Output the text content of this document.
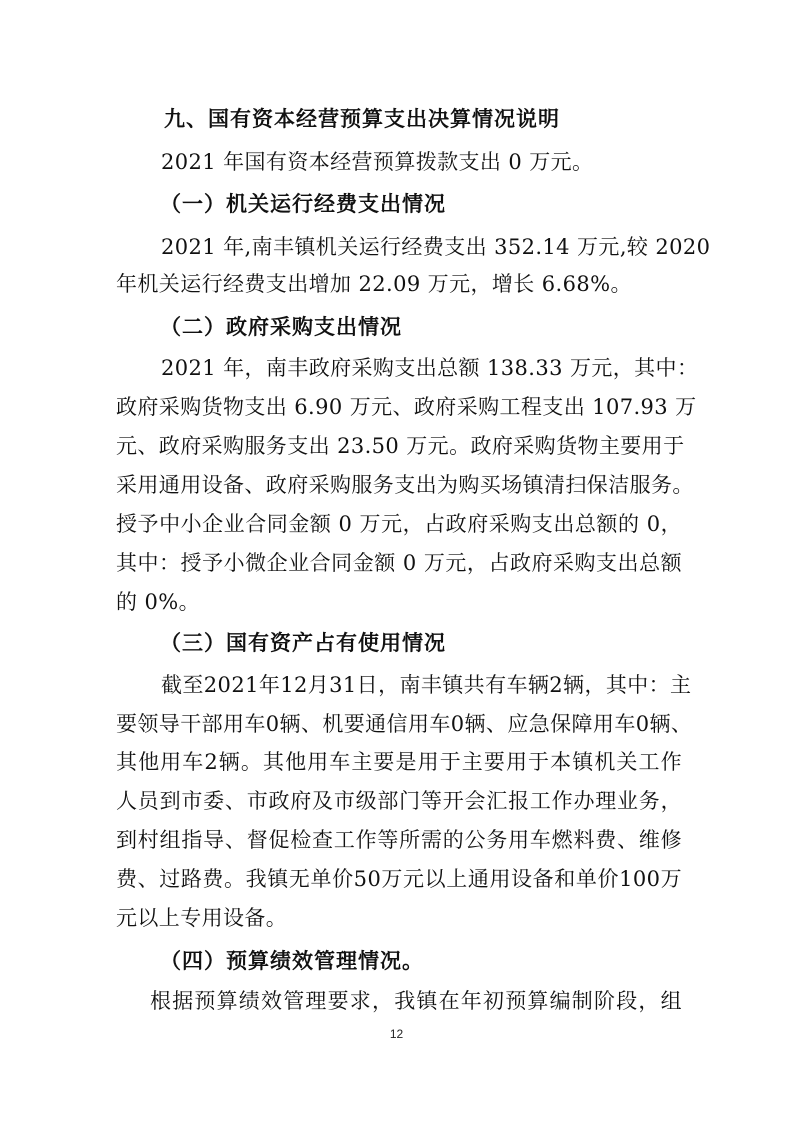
九、国有资本经营预算支出决算情况说明
2021 年国有资本经营预算拨款支出 0 万元。
（一）机关运行经费支出情况
2021 年,南丰镇机关运行经费支出 352.14 万元,较 2020
年机关运行经费支出增加 22.09 万元，增长 6.68%。
（二）政府采购支出情况
2021 年，南丰政府采购支出总额 138.33 万元，其中：
政府采购货物支出 6.90 万元、政府采购工程支出 107.93 万
元、政府采购服务支出 23.50 万元。政府采购货物主要用于
采用通用设备、政府采购服务支出为购买场镇清扫保洁服务。
授予中小企业合同金额 0 万元，占政府采购支出总额的 0，
其中：授予小微企业合同金额 0 万元，占政府采购支出总额
的 0%。
（三）国有资产占有使用情况
截至2021年12月31日，南丰镇共有车辆2辆，其中：主
要领导干部用车0辆、机要通信用车0辆、应急保障用车0辆、
其他用车2辆。其他用车主要是用于主要用于本镇机关工作
人员到市委、市政府及市级部门等开会汇报工作办理业务，
到村组指导、督促检查工作等所需的公务用车燃料费、维修
费、过路费。我镇无单价50万元以上通用设备和单价100万
元以上专用设备。
（四）预算绩效管理情况。
根据预算绩效管理要求，我镇在年初预算编制阶段，组
12
